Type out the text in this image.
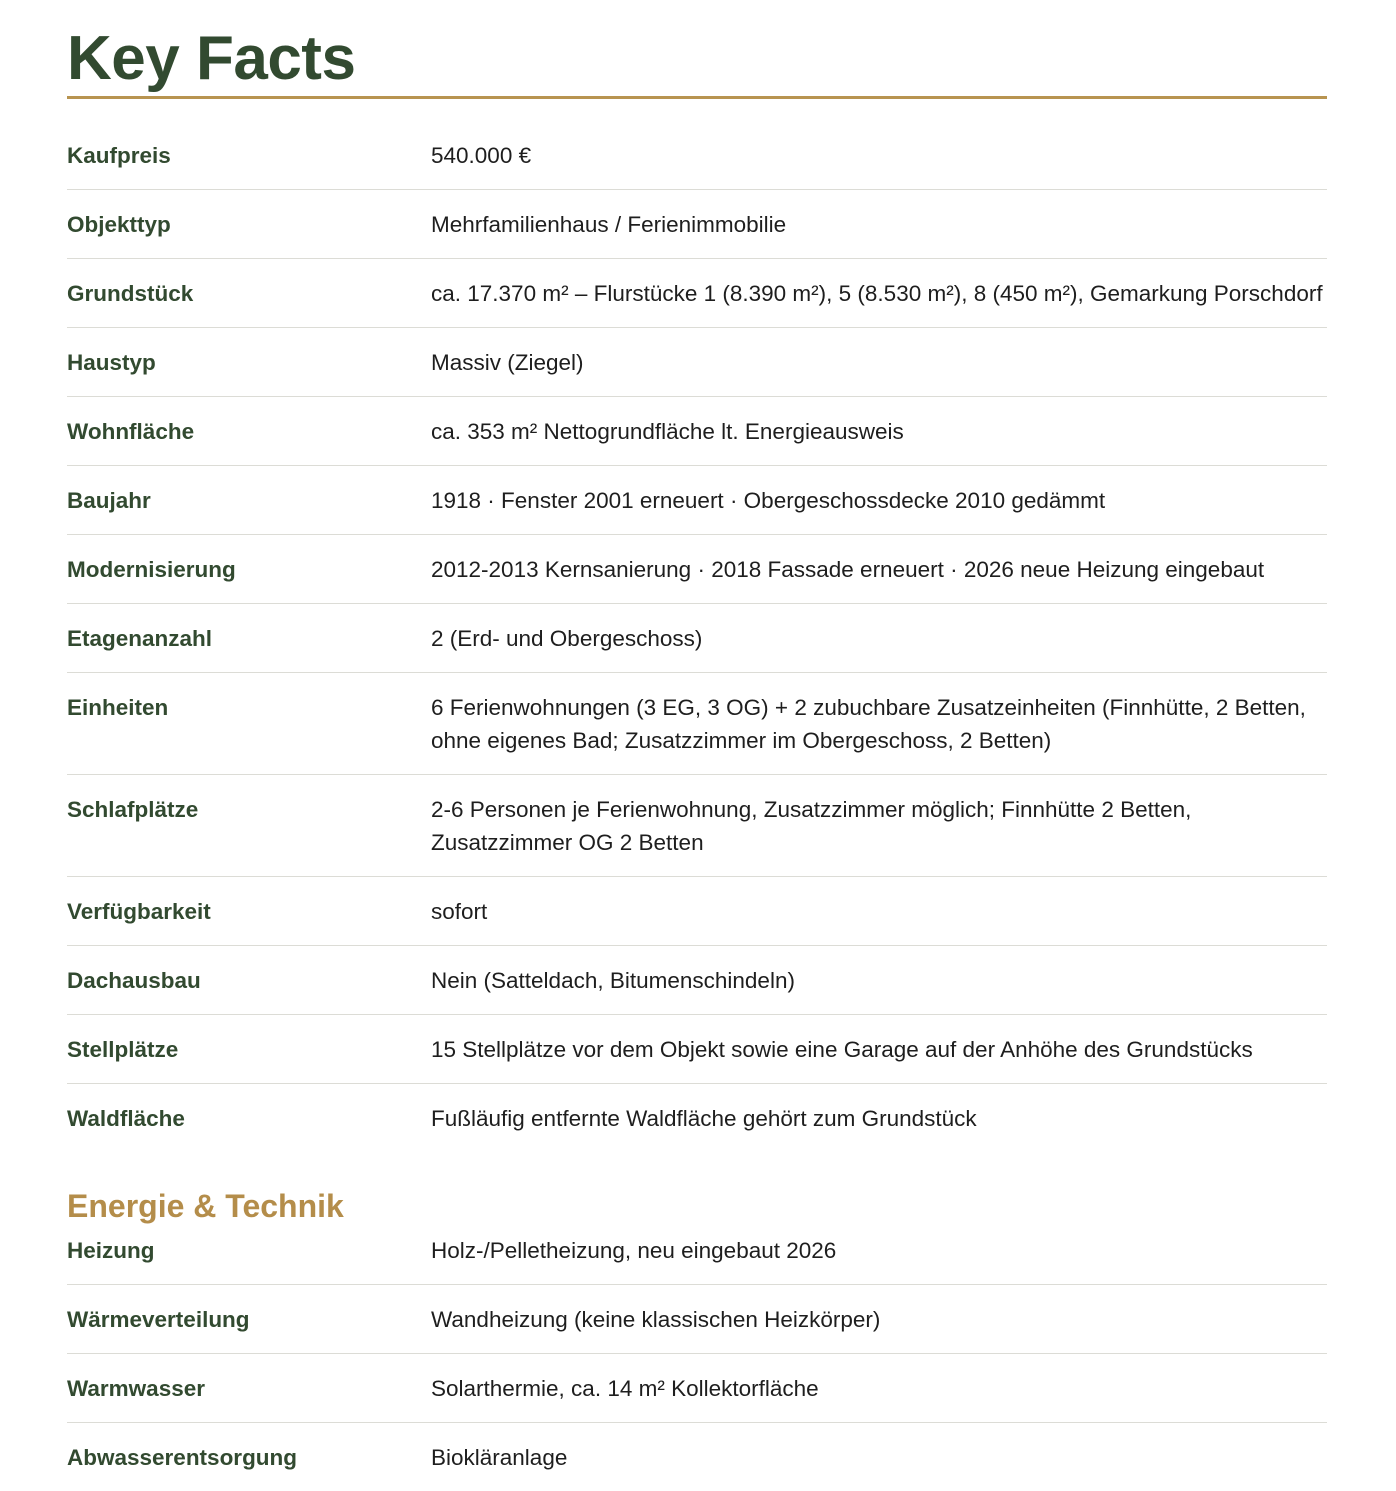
Key Facts
Kaufpreis	540.000 €
Objekttyp	Mehrfamilienhaus / Ferienimmobilie
Grundstück	ca. 17.370 m² – Flurstücke 1 (8.390 m²), 5 (8.530 m²), 8 (450 m²), Gemarkung Porschdorf
Haustyp	Massiv (Ziegel)
Wohnfläche	ca. 353 m² Nettogrundfläche lt. Energieausweis
Baujahr	1918 · Fenster 2001 erneuert · Obergeschossdecke 2010 gedämmt
Modernisierung	2012-2013 Kernsanierung · 2018 Fassade erneuert · 2026 neue Heizung eingebaut
Etagenanzahl	2 (Erd- und Obergeschoss)
Einheiten	6 Ferienwohnungen (3 EG, 3 OG) + 2 zubuchbare Zusatzeinheiten (Finnhütte, 2 Betten, ohne eigenes Bad; Zusatzzimmer im Obergeschoss, 2 Betten)
Schlafplätze	2-6 Personen je Ferienwohnung, Zusatzzimmer möglich; Finnhütte 2 Betten, Zusatzzimmer OG 2 Betten
Verfügbarkeit	sofort
Dachausbau	Nein (Satteldach, Bitumenschindeln)
Stellplätze	15 Stellplätze vor dem Objekt sowie eine Garage auf der Anhöhe des Grundstücks
Waldfläche	Fußläufig entfernte Waldfläche gehört zum Grundstück
Energie & Technik
Heizung	Holz-/Pelletheizung, neu eingebaut 2026
Wärmeverteilung	Wandheizung (keine klassischen Heizkörper)
Warmwasser	Solarthermie, ca. 14 m² Kollektorfläche
Abwasserentsorgung	Biokläranlage
